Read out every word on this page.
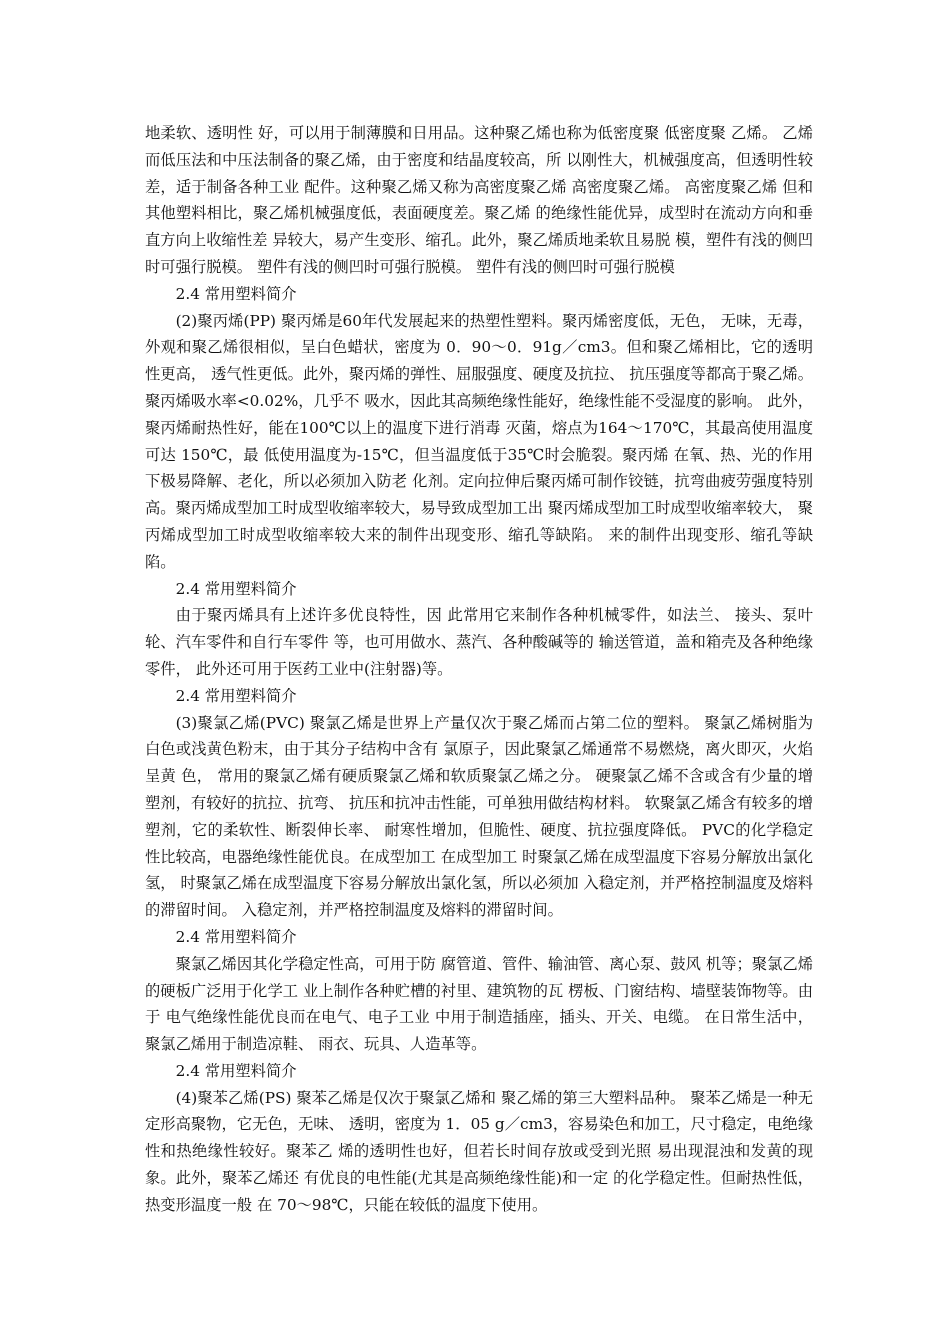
地柔软、透明性 好，可以用于制薄膜和日用品。这种聚乙烯也称为低密度聚 低密度聚 乙烯。 乙烯 而低压法和中压法制备的聚乙烯，由于密度和结晶度较高，所 以刚性大，机械强度高，但透明性较差，适于制备各种工业 配件。这种聚乙烯又称为高密度聚乙烯 高密度聚乙烯。 高密度聚乙烯 但和其他塑料相比，聚乙烯机械强度低，表面硬度差。聚乙烯 的绝缘性能优异，成型时在流动方向和垂直方向上收缩性差 异较大，易产生变形、缩孔。此外，聚乙烯质地柔软且易脱 模，塑件有浅的侧凹时可强行脱模。 塑件有浅的侧凹时可强行脱模。 塑件有浅的侧凹时可强行脱模

2.4 常用塑料简介

(2)聚丙烯(PP) 聚丙烯是60年代发展起来的热塑性塑料。聚丙烯密度低，无色， 无味，无毒，外观和聚乙烯很相似，呈白色蜡状，密度为 0．90～0．91g／cm3。但和聚乙烯相比，它的透明性更高， 透气性更低。此外，聚丙烯的弹性、屈服强度、硬度及抗拉、 抗压强度等都高于聚乙烯。聚丙烯吸水率<0.02%，几乎不 吸水，因此其高频绝缘性能好，绝缘性能不受湿度的影响。 此外，聚丙烯耐热性好，能在100℃以上的温度下进行消毒 灭菌，熔点为164～170℃，其最高使用温度可达 150℃，最 低使用温度为-15℃，但当温度低于35℃时会脆裂。聚丙烯 在氧、热、光的作用下极易降解、老化，所以必须加入防老 化剂。定向拉伸后聚丙烯可制作铰链，抗弯曲疲劳强度特别 高。聚丙烯成型加工时成型收缩率较大，易导致成型加工出 聚丙烯成型加工时成型收缩率较大， 聚丙烯成型加工时成型收缩率较大来的制件出现变形、缩孔等缺陷。 来的制件出现变形、缩孔等缺陷。

2.4 常用塑料简介

由于聚丙烯具有上述许多优良特性，因 此常用它来制作各种机械零件，如法兰、 接头、泵叶轮、汽车零件和自行车零件 等，也可用做水、蒸汽、各种酸碱等的 输送管道，盖和箱壳及各种绝缘零件， 此外还可用于医药工业中(注射器)等。

2.4 常用塑料简介

(3)聚氯乙烯(PVC) 聚氯乙烯是世界上产量仅次于聚乙烯而占第二位的塑料。 聚氯乙烯树脂为白色或浅黄色粉末，由于其分子结构中含有 氯原子，因此聚氯乙烯通常不易燃烧，离火即灭，火焰呈黄 色， 常用的聚氯乙烯有硬质聚氯乙烯和软质聚氯乙烯之分。 硬聚氯乙烯不含或含有少量的增塑剂，有较好的抗拉、抗弯、 抗压和抗冲击性能，可单独用做结构材料。 软聚氯乙烯含有较多的增塑剂，它的柔软性、断裂伸长率、 耐寒性增加，但脆性、硬度、抗拉强度降低。 PVC的化学稳定性比较高，电器绝缘性能优良。在成型加工 在成型加工 时聚氯乙烯在成型温度下容易分解放出氯化氢， 时聚氯乙烯在成型温度下容易分解放出氯化氢，所以必须加 入稳定剂，并严格控制温度及熔料的滞留时间。 入稳定剂，并严格控制温度及熔料的滞留时间。

2.4 常用塑料简介

聚氯乙烯因其化学稳定性高，可用于防 腐管道、管件、输油管、离心泵、鼓风 机等；聚氯乙烯的硬板广泛用于化学工 业上制作各种贮槽的衬里、建筑物的瓦 楞板、门窗结构、墙壁装饰物等。由于 电气绝缘性能优良而在电气、电子工业 中用于制造插座，插头、开关、电缆。 在日常生活中，聚氯乙烯用于制造凉鞋、 雨衣、玩具、人造革等。

2.4 常用塑料简介

(4)聚苯乙烯(PS) 聚苯乙烯是仅次于聚氯乙烯和 聚乙烯的第三大塑料品种。 聚苯乙烯是一种无定形高聚物，它无色，无味、 透明，密度为 1．05 g／cm3，容易染色和加工，尺寸稳定，电绝缘性和热绝缘性较好。聚苯乙 烯的透明性也好，但若长时间存放或受到光照 易出现混浊和发黄的现象。此外，聚苯乙烯还 有优良的电性能(尤其是高频绝缘性能)和一定 的化学稳定性。但耐热性低，热变形温度一般 在 70～98℃，只能在较低的温度下使用。
